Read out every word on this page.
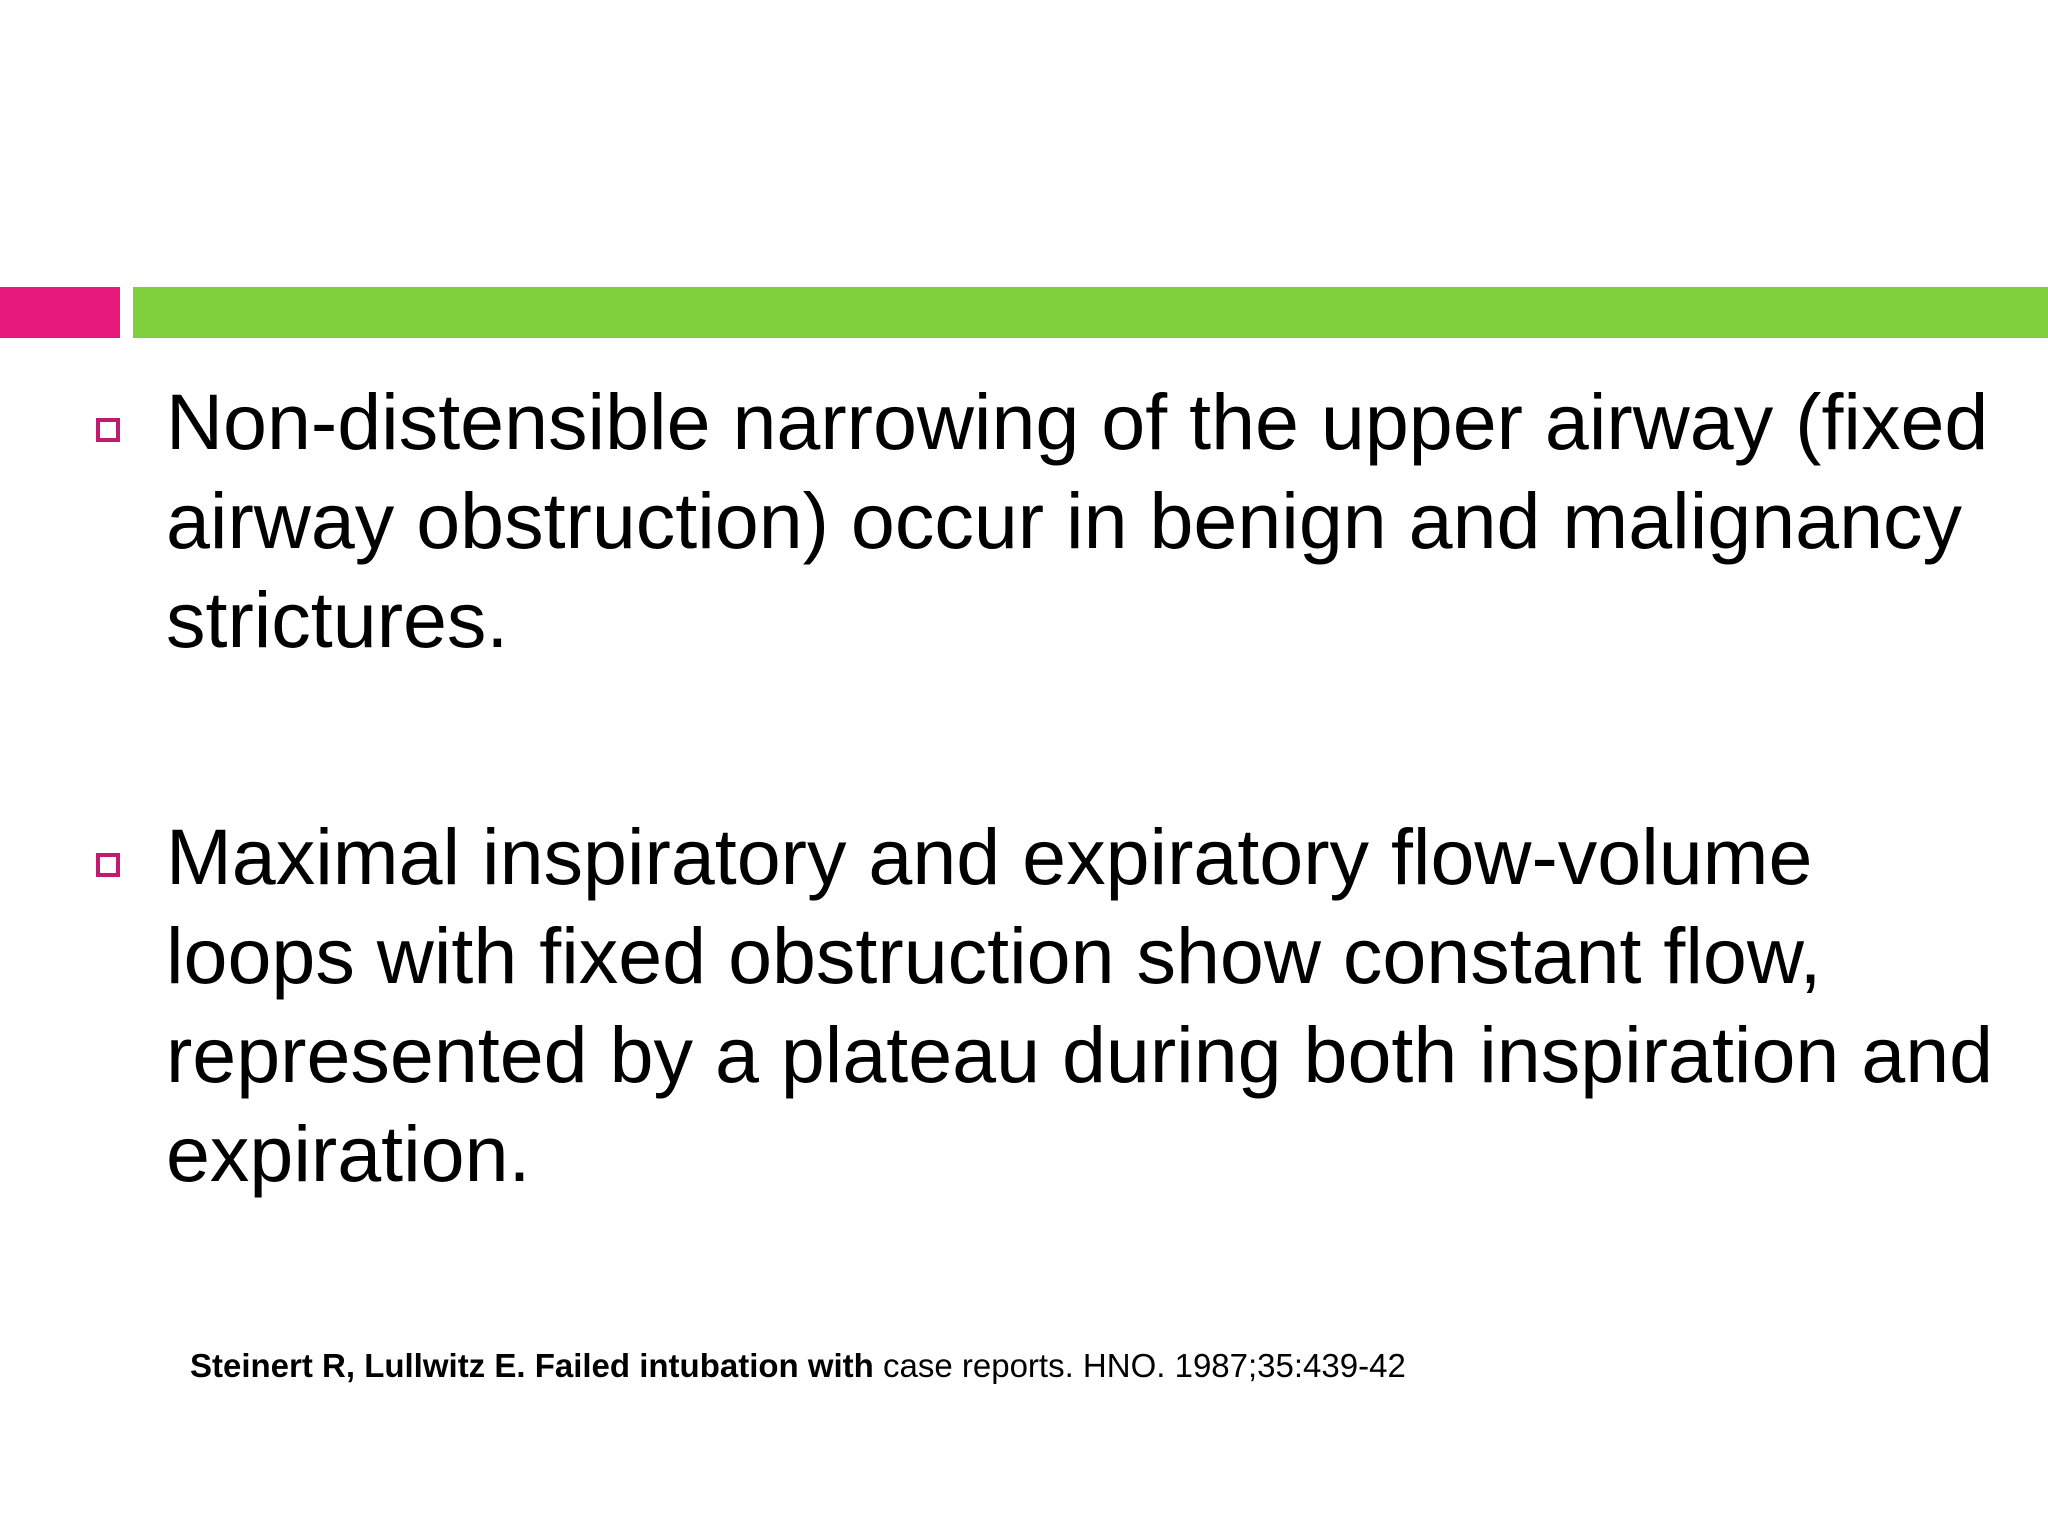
Non-distensible narrowing of the upper airway (fixed airway obstruction) occur in benign and malignancy strictures.
Maximal inspiratory and expiratory flow-volume loops with fixed obstruction show constant flow, represented by a plateau during both inspiration and expiration.
Steinert R, Lullwitz E. Failed intubation with case reports. HNO. 1987;35:439-42
